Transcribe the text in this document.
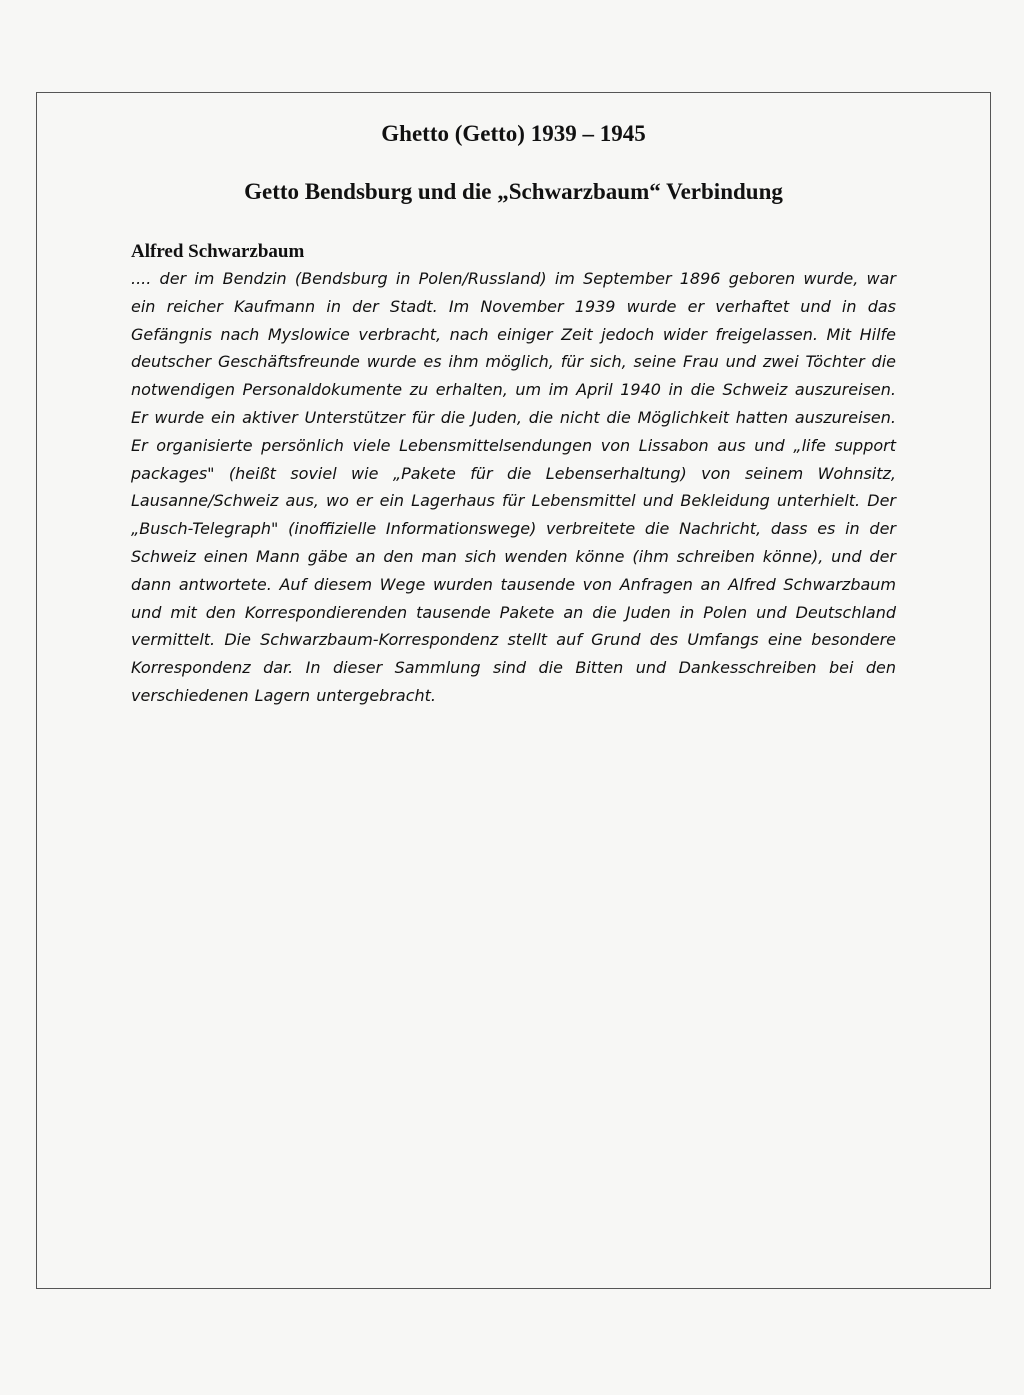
Ghetto (Getto) 1939 – 1945
Getto Bendsburg und die „Schwarzbaum“ Verbindung
Alfred Schwarzbaum

.... der im Bendzin (Bendsburg in Polen/Russland) im September 1896 geboren wurde, war ein reicher Kaufmann in der Stadt. Im November 1939 wurde er verhaftet und in das Gefängnis nach Myslowice verbracht, nach einiger Zeit jedoch wider freigelassen. Mit Hilfe deutscher Geschäftsfreunde wurde es ihm möglich, für sich, seine Frau und zwei Töchter die notwendigen Personaldokumente zu erhalten, um im April 1940 in die Schweiz auszureisen. Er wurde ein aktiver Unterstützer für die Juden, die nicht die Möglichkeit hatten auszureisen. Er organisierte persönlich viele Lebensmittelsendungen von Lissabon aus und „life support packages" (heißt soviel wie „Pakete für die Lebenserhaltung) von seinem Wohnsitz, Lausanne/Schweiz aus, wo er ein Lagerhaus für Lebensmittel und Bekleidung unterhielt. Der „Busch-Telegraph" (inoffizielle Informationswege) verbreitete die Nachricht, dass es in der Schweiz einen Mann gäbe an den man sich wenden könne (ihm schreiben könne), und der dann antwortete. Auf diesem Wege wurden tausende von Anfragen an Alfred Schwarzbaum und mit den Korrespondierenden tausende Pakete an die Juden in Polen und Deutschland vermittelt. Die Schwarzbaum-Korrespondenz stellt auf Grund des Umfangs eine besondere Korrespondenz dar. In dieser Sammlung sind die Bitten und Dankesschreiben bei den verschiedenen Lagern untergebracht.
